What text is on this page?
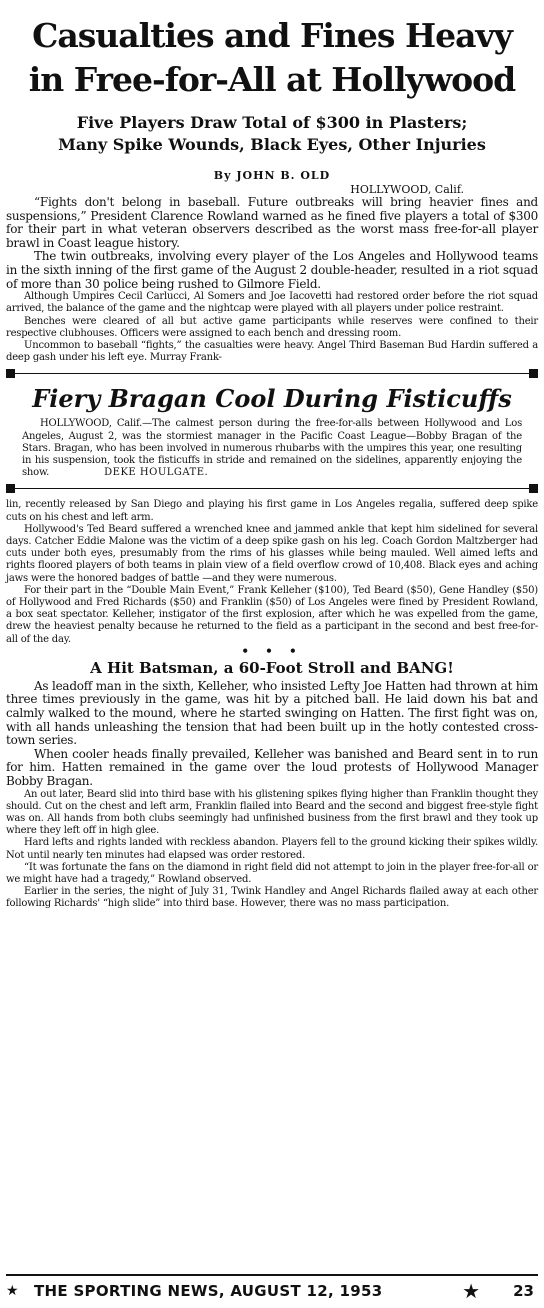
Casualties and Fines Heavy
in Free-for-All at Hollywood
Five Players Draw Total of $300 in Plasters;
Many Spike Wounds, Black Eyes, Other Injuries
By JOHN B. OLD
HOLLYWOOD, Calif.

“Fights don't belong in baseball. Future outbreaks will bring heavier fines and suspensions,” President Clarence Rowland warned as he fined five players a total of $300 for their part in what veteran observers described as the worst mass free-for-all player brawl in Coast league history.

The twin outbreaks, involving every player of the Los Angeles and Hollywood teams in the sixth inning of the first game of the August 2 double-header, resulted in a riot squad of more than 30 police being rushed to Gilmore Field.

Although Umpires Cecil Carlucci, Al Somers and Joe Iacovetti had restored order before the riot squad arrived, the balance of the game and the nightcap were played with all players under police restraint.

Benches were cleared of all but active game participants while reserves were confined to their respective clubhouses. Officers were assigned to each bench and dressing room.

Uncommon to baseball “fights,” the casualties were heavy. Angel Third Baseman Bud Hardin suffered a deep gash under his left eye. Murray Frank-

Fiery Bragan Cool During Fisticuffs

HOLLYWOOD, Calif.—The calmest person during the free-for-alls between Hollywood and Los Angeles, August 2, was the stormiest manager in the Pacific Coast League—Bobby Bragan of the Stars. Bragan, who has been involved in numerous rhubarbs with the umpires this year, one resulting in his suspension, took the fisticuffs in stride and remained on the sidelines, apparently enjoying the show.	DEKE HOULGATE.

lin, recently released by San Diego and playing his first game in Los Angeles regalia, suffered deep spike cuts on his chest and left arm.

Hollywood's Ted Beard suffered a wrenched knee and jammed ankle that kept him sidelined for several days. Catcher Eddie Malone was the victim of a deep spike gash on his leg. Coach Gordon Maltzberger had cuts under both eyes, presumably from the rims of his glasses while being mauled. Well aimed lefts and rights floored players of both teams in plain view of a field overflow crowd of 10,408. Black eyes and aching jaws were the honored badges of battle —and they were numerous.

For their part in the “Double Main Event,” Frank Kelleher ($100), Ted Beard ($50), Gene Handley ($50) of Hollywood and Fred Richards ($50) and Franklin ($50) of Los Angeles were fined by President Rowland, a box seat spectator. Kelleher, instigator of the first explosion, after which he was expelled from the game, drew the heaviest penalty because he returned to the field as a participant in the second and best free-for-all of the day.

• • •
A Hit Batsman, a 60-Foot Stroll and BANG!

As leadoff man in the sixth, Kelleher, who insisted Lefty Joe Hatten had thrown at him three times previously in the game, was hit by a pitched ball. He laid down his bat and calmly walked to the mound, where he started swinging on Hatten. The first fight was on, with all hands unleashing the tension that had been built up in the hotly contested cross-town series.

When cooler heads finally prevailed, Kelleher was banished and Beard sent in to run for him. Hatten remained in the game over the loud protests of Hollywood Manager Bobby Bragan.

An out later, Beard slid into third base with his glistening spikes flying higher than Franklin thought they should. Cut on the chest and left arm, Franklin flailed into Beard and the second and biggest free-style fight was on. All hands from both clubs seemingly had unfinished business from the first brawl and they took up where they left off in high glee.

Hard lefts and rights landed with reckless abandon. Players fell to the ground kicking their spikes wildly. Not until nearly ten minutes had elapsed was order restored.

“It was fortunate the fans on the diamond in right field did not attempt to join in the player free-for-all or we might have had a tragedy,” Rowland observed.

Earlier in the series, the night of July 31, Twink Handley and Angel Richards flailed away at each other following Richards' “high slide” into third base. However, there was no mass participation.

★ THE SPORTING NEWS, AUGUST 12, 1953	★ 23
